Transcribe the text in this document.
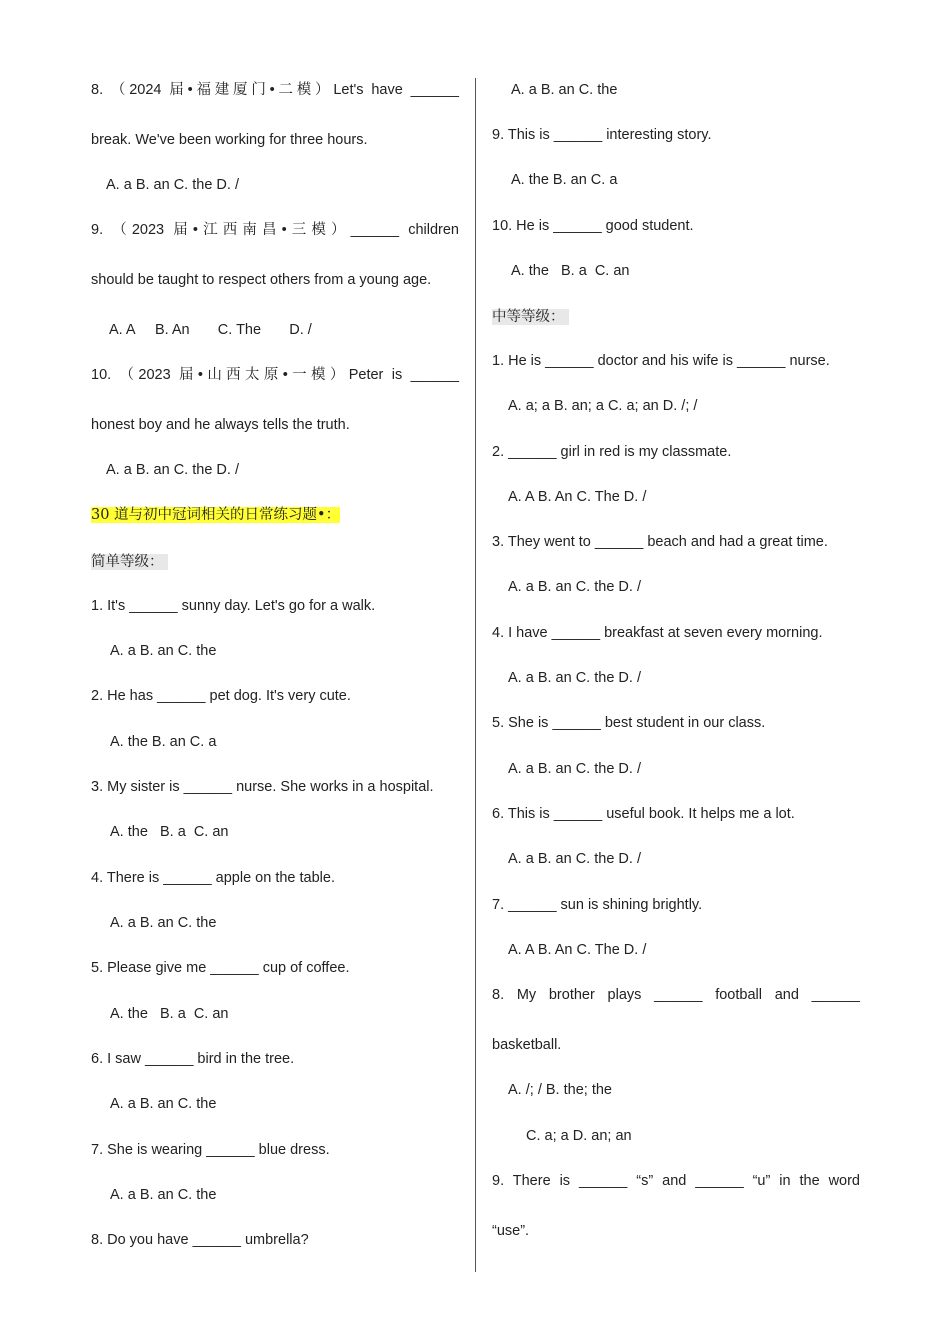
8. （2024 届•福建厦门•二模）Let's have ______
break. We've been working for three hours.
A. a B. an C. the D. /
9. （2023 届•江西南昌•三模）______ children
should be taught to respect others from a young age.
A. A     B. An       C. The       D. /
10. （2023 届•山西太原•一模）Peter is ______
honest boy and he always tells the truth.
A. a B. an C. the D. /
30 道与初中冠词相关的日常练习题•：
简单等级：
1. It's ______ sunny day. Let's go for a walk.
A. a B. an C. the
2. He has ______ pet dog. It's very cute.
A. the B. an C. a
3. My sister is ______ nurse. She works in a hospital.
A. the   B. a  C. an
4. There is ______ apple on the table.
A. a B. an C. the
5. Please give me ______ cup of coffee.
A. the   B. a  C. an
6. I saw ______ bird in the tree.
A. a B. an C. the
7. She is wearing ______ blue dress.
A. a B. an C. the
8. Do you have ______ umbrella?
A. a B. an C. the
9. This is ______ interesting story.
A. the B. an C. a
10. He is ______ good student.
A. the   B. a  C. an
中等等级：
1. He is ______ doctor and his wife is ______ nurse.
A. a; a B. an; a C. a; an D. /; /
2. ______ girl in red is my classmate.
A. A B. An C. The D. /
3. They went to ______ beach and had a great time.
A. a B. an C. the D. /
4. I have ______ breakfast at seven every morning.
A. a B. an C. the D. /
5. She is ______ best student in our class.
A. a B. an C. the D. /
6. This is ______ useful book. It helps me a lot.
A. a B. an C. the D. /
7. ______ sun is shining brightly.
A. A B. An C. The D. /
8. My brother plays ______ football and ______
basketball.
A. /; / B. the; the
C. a; a D. an; an
9. There is ______ “s” and ______ “u” in the word
“use”.
